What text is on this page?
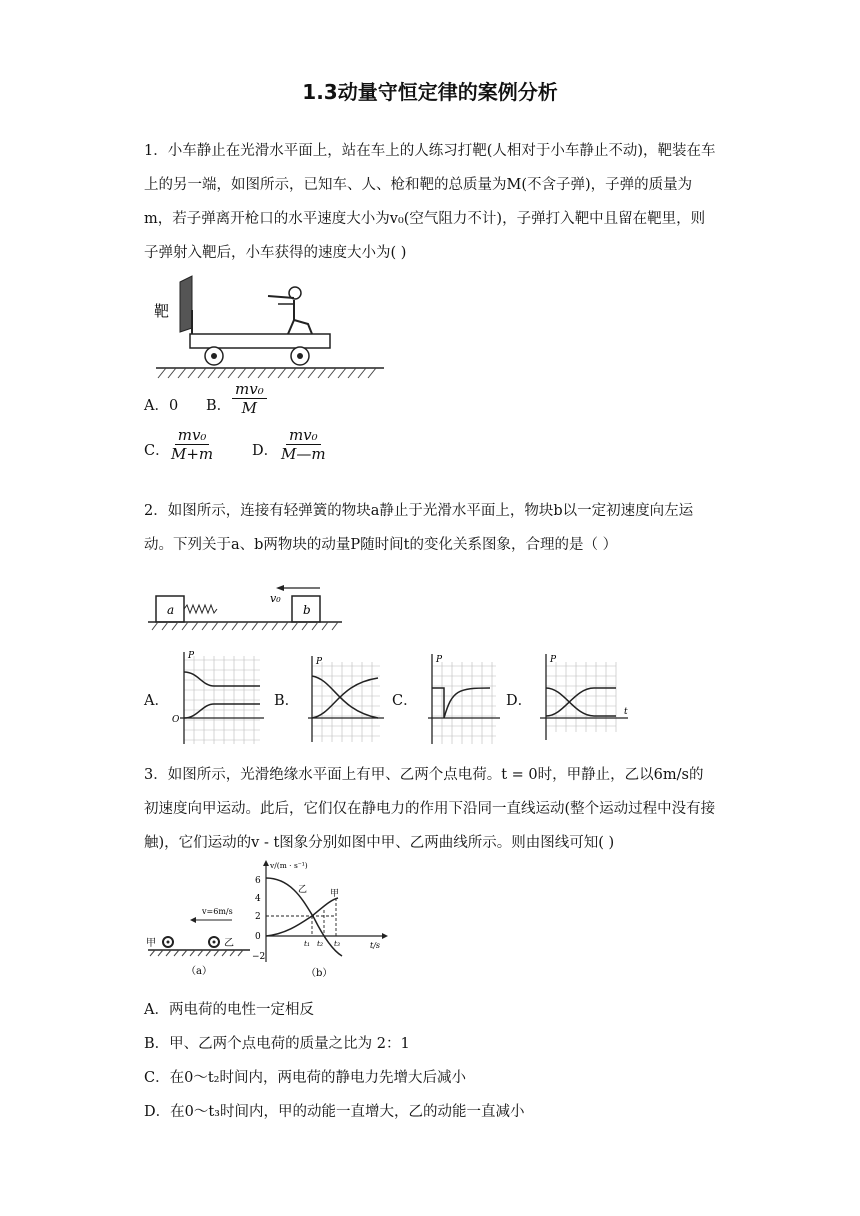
1.3动量守恒定律的案例分析
1．小车静止在光滑水平面上，站在车上的人练习打靶(人相对于小车静止不动)，靶装在车上的另一端，如图所示，已知车、人、枪和靶的总质量为M(不含子弹)，子弹的质量为m，若子弹离开枪口的水平速度大小为v₀(空气阻力不计)，子弹打入靶中且留在靶里，则子弹射入靶后，小车获得的速度大小为( )
靶
A．0 B． $\frac{\text{mv₀}}{M}$
C．
$\frac{\text{mv₀}}{M+m}$ D． $\frac{\text{mv₀}}{M—m}$
2．如图所示，连接有轻弹簧的物块a静止于光滑水平面上，物块b以一定初速度向左运动。下列关于a、b两物块的动量P随时间t的变化关系图象，合理的是（ ）
a	b
v₀
A．
P
O
B．
P
C．
P
D．
P
t
3．如图所示，光滑绝缘水平面上有甲、乙两个点电荷。t = 0时，甲静止，乙以6m/s的初速度向甲运动。此后，它们仅在静电力的作用下沿同一直线运动(整个运动过程中没有接触)，它们运动的v - t图象分别如图中甲、乙两曲线所示。则由图线可知( )
v=6m/s
甲	乙
（a）
v/(m · s⁻¹)
t/s
6
4
2
0
−2
乙	甲
t₁ t₂ t₃
（b）
A．两电荷的电性一定相反
B．甲、乙两个点电荷的质量之比为 2：1
C．在0～t₂时间内，两电荷的静电力先增大后减小
D．在0～t₃时间内，甲的动能一直增大，乙的动能一直减小
